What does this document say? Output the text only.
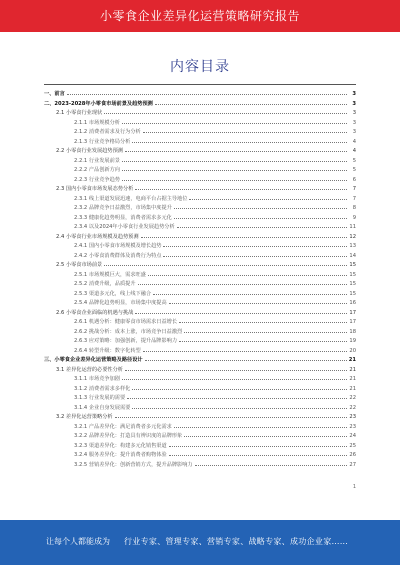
小零食企业差异化运营策略研究报告
内容目录
一、前言	3
二、2023-2028年小零食市场前景及趋势预测	3
2.1 小零食行业现状	3
2.1.1 市场规模分析	3
2.1.2 消费者需求及行为分析	3
2.1.3 行业竞争格局分析	4
2.2 小零食行业发展趋势预测	4
2.2.1 行业发展前景	5
2.2.2 产品创新方向	5
2.2.3 行业竞争趋势	6
2.3 国内小零食市场发展态势分析	7
2.3.1 线上渠道发展迅速，电商平台占据主导地位	7
2.3.2 品牌竞争日益激烈，市场集中度提升	8
2.3.3 健康化趋势明显，消费者需求多元化	9
2.3.4 以及2024年小零食行业发展趋势分析	11
2.4 小零食行业市场规模及趋势预测	12
2.4.1 国内小零食市场规模及增长趋势	13
2.4.2 小零食消费群体及消费行为特点	14
2.5 小零食市场前景	15
2.5.1 市场规模巨大，需求旺盛	15
2.5.2 消费升级，品质提升	15
2.5.3 渠道多元化，线上线下融合	15
2.5.4 品牌化趋势明显，市场集中度提高	16
2.6 小零食企业面临的机遇与挑战	17
2.6.1 机遇分析：健康零食市场需求日益增长	17
2.6.2 挑战分析：成本上涨，市场竞争日益激烈	18
2.6.3 应对策略：加强创新，提升品牌影响力	19
2.6.4 转型升级：数字化转型	20
三、小零食企业差异化运营策略及路径设计	21
3.1 差异化运营的必要性分析	21
3.1.1 市场竞争加剧	21
3.1.2 消费者需求多样化	21
3.1.3 行业发展的需要	22
3.1.4 企业自身发展需要	22
3.2 差异化运营策略分析	23
3.2.1 产品差异化：满足消费者多元化需求	23
3.2.2 品牌差异化：打造具有辨识度的品牌形象	24
3.2.3 渠道差异化：构建多元化销售渠道	25
3.2.4 服务差异化：提升消费者购物体验	26
3.2.5 营销差异化：创新营销方式，提升品牌影响力	27
1
让每个人都能成为 行业专家、管理专家、营销专家、战略专家、成功企业家……
